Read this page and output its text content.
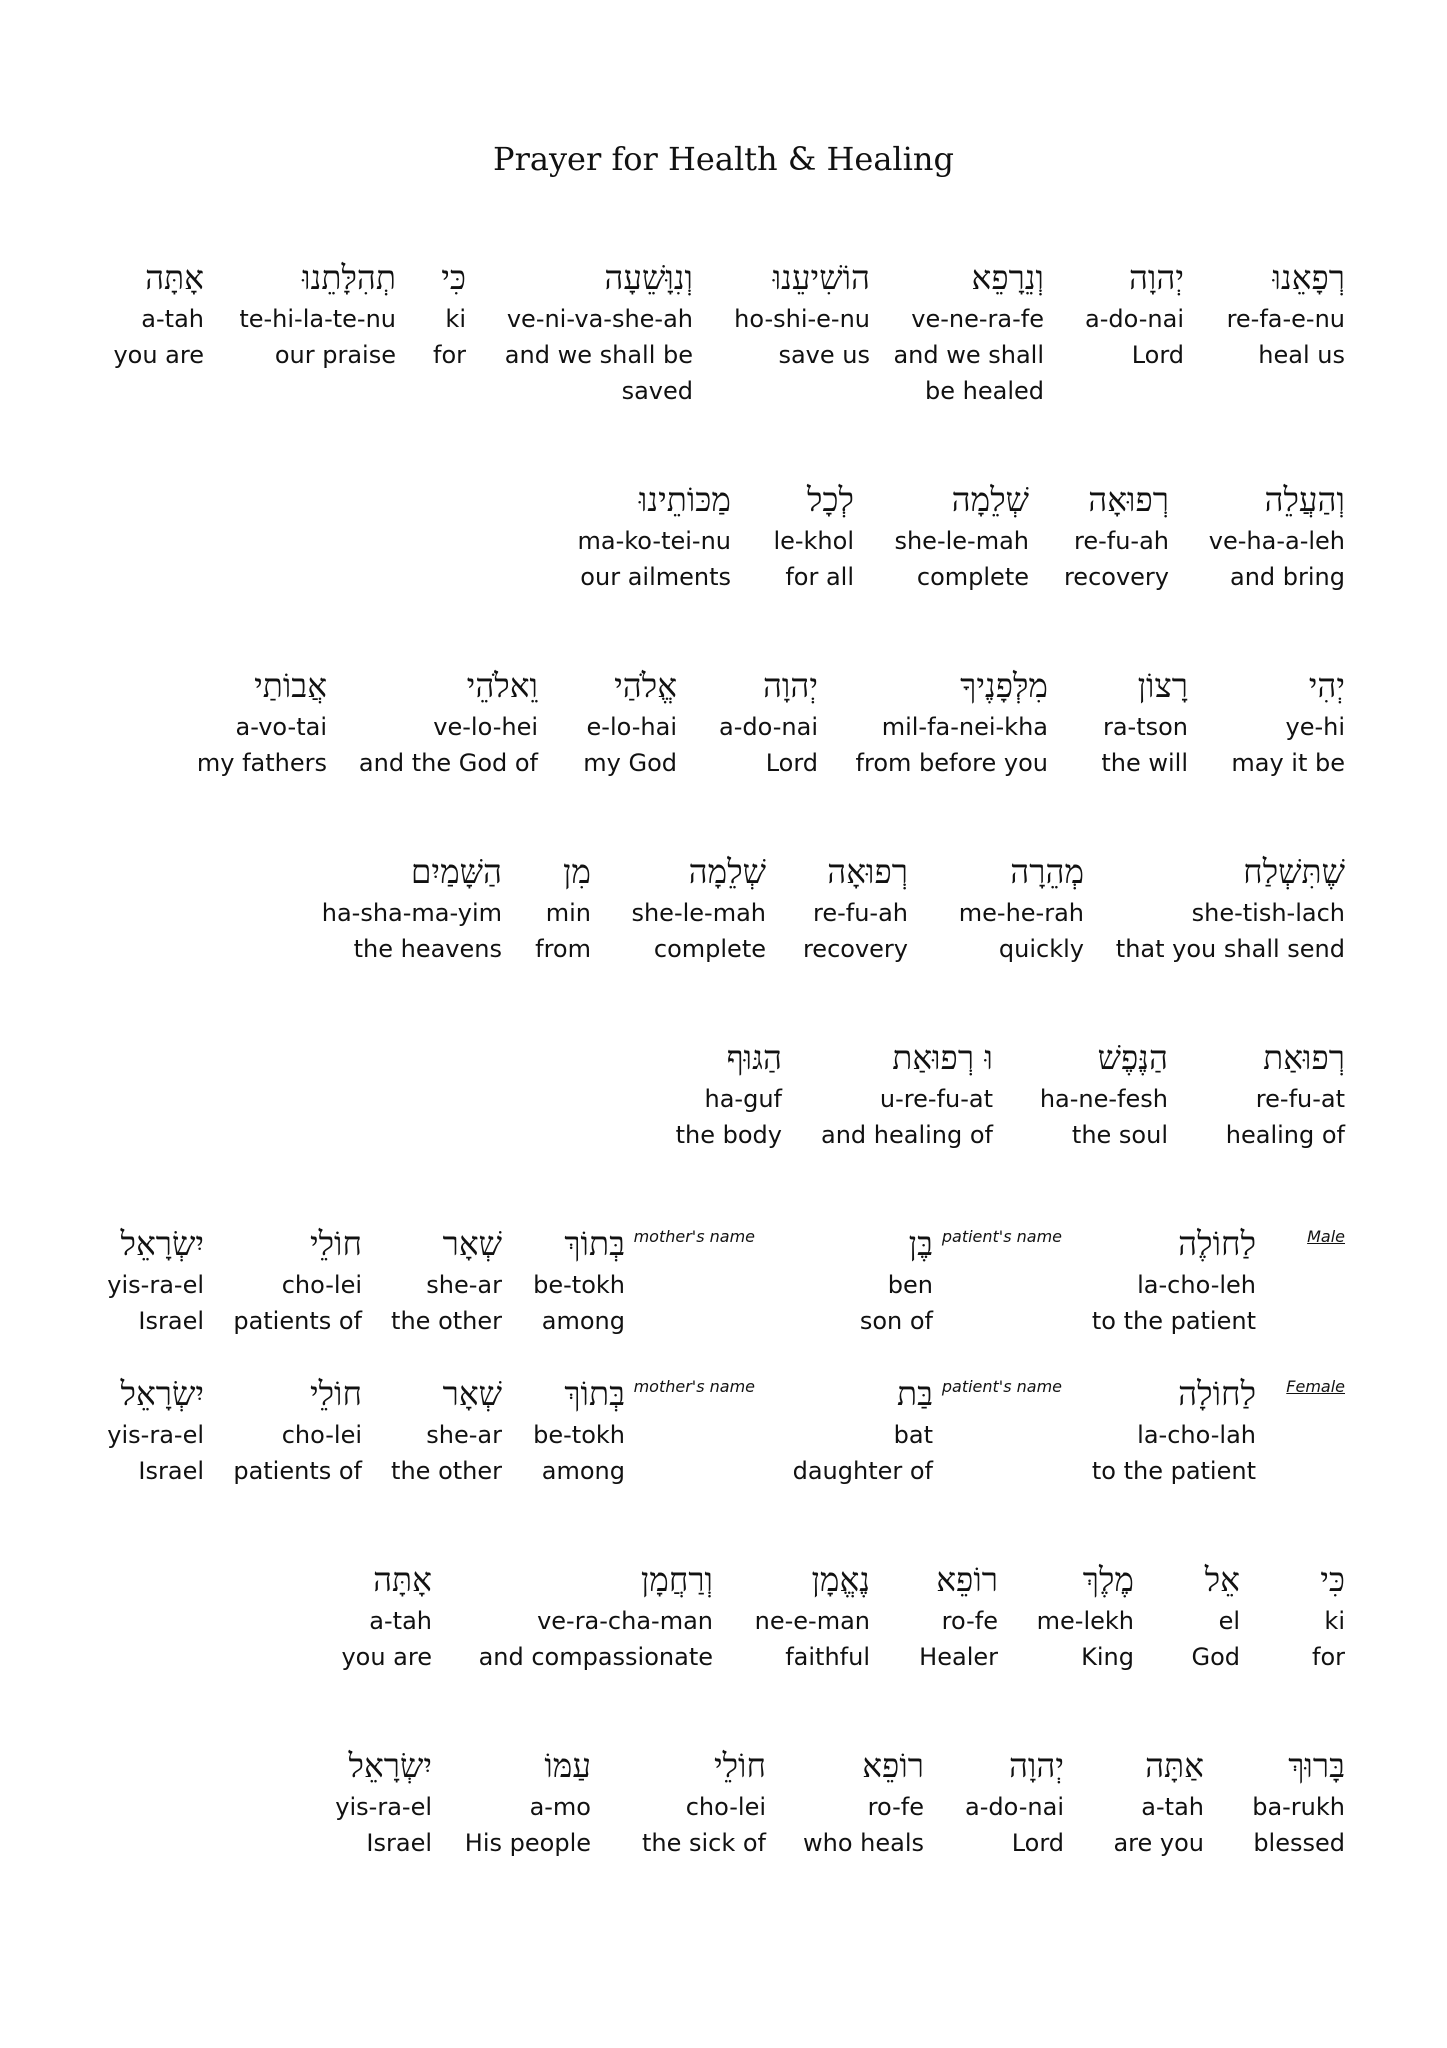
Prayer for Health & Healing
רְפָאֵנוּ
re-fa-e-nu
heal us
יְהוָה
a-do-nai
Lord
וְנֵרָפֵא
ve-ne-ra-fe
and we shall be healed
הוֹשִׁיעֵנוּ
ho-shi-e-nu
save us
וְנִוָּשֵׁעָה
ve-ni-va-she-ah
and we shall be saved
כִּי
ki
for
תְהִלָּתֵנוּ
te-hi-la-te-nu
our praise
אָתָּה
a-tah
you are
וְהַעֲלֵה
ve-ha-a-leh
and bring
רְפוּאָה
re-fu-ah
recovery
שְׁלֵמָה
she-le-mah
complete
לְכָל
le-khol
for all
מַכּוֹתֵינוּ
ma-ko-tei-nu
our ailments
יְהִי
ye-hi
may it be
רָצוֹן
ra-tson
the will
מִלְּפָנֶיךָ
mil-fa-nei-kha
from before you
יְהוָה
a-do-nai
Lord
אֱלֹהַי
e-lo-hai
my God
וֵאלֹהֵי
ve-lo-hei
and the God of
אֲבוֹתַי
a-vo-tai
my fathers
שֶׁתִּשְׁלַח
she-tish-lach
that you shall send
מְהֵרָה
me-he-rah
quickly
רְפוּאָה
re-fu-ah
recovery
שְׁלֵמָה
she-le-mah
complete
מִן
min
from
הַשָּׁמַיִם
ha-sha-ma-yim
the heavens
רְפוּאַת
re-fu-at
healing of
הַנֶּפֶשׁ
ha-ne-fesh
the soul
וּ רְפוּאַת
u-re-fu-at
and healing of
הַגּוּף
ha-guf
the body
Male
לַחוֹלֶה
la-cho-leh
to the patient
patient's name
בֶּן
ben
son of
mother's name
בְּתוֹךְ
be-tokh
among
שְׁאָר
she-ar
the other
חוֹלֵי
cho-lei
patients of
יִשְׂרָאֵל
yis-ra-el
Israel
Female
לַחוֹלָה
la-cho-lah
to the patient
patient's name
בַּת
bat
daughter of
mother's name
בְּתוֹךְ
be-tokh
among
שְׁאָר
she-ar
the other
חוֹלֵי
cho-lei
patients of
יִשְׂרָאֵל
yis-ra-el
Israel
כִּי
ki
for
אֵל
el
God
מֶלֶךְ
me-lekh
King
רוֹפֵא
ro-fe
Healer
נֶאֱמָן
ne-e-man
faithful
וְרַחֲמָן
ve-ra-cha-man
and compassionate
אָתָּה
a-tah
you are
בָּרוּךְ
ba-rukh
blessed
אַתָּה
a-tah
are you
יְהוָה
a-do-nai
Lord
רוֹפֵא
ro-fe
who heals
חוֹלֵי
cho-lei
the sick of
עַמּוֹ
a-mo
His people
יִשְׂרָאֵל
yis-ra-el
Israel
